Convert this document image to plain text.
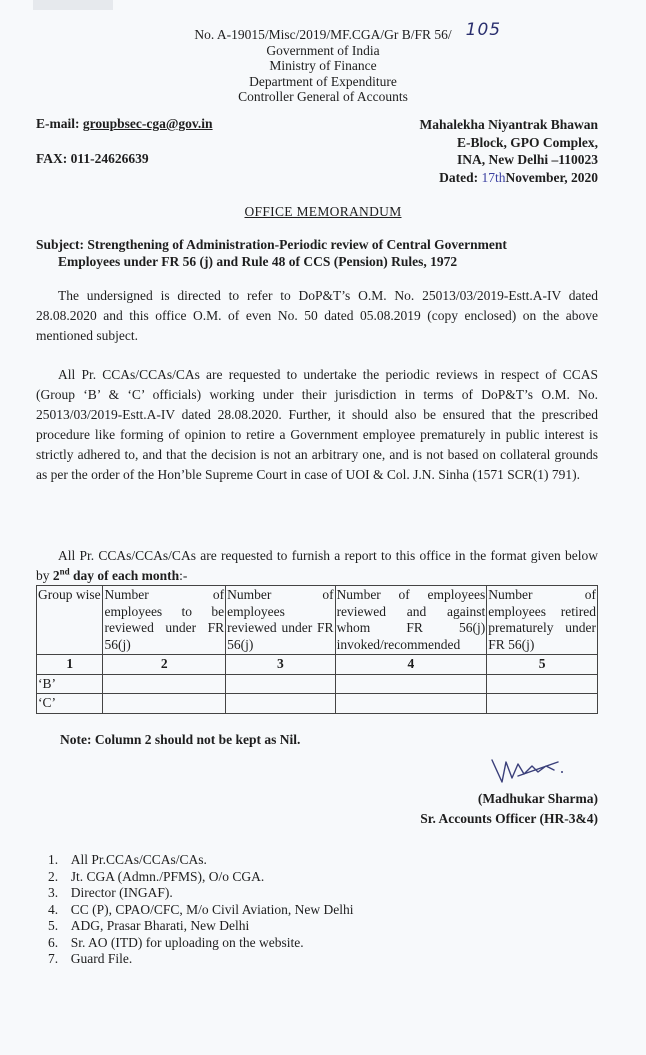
No. A-19015/Misc/2019/MF.CGA/Gr B/FR 56/ 105
Government of India
Ministry of Finance
Department of Expenditure
Controller General of Accounts
E-mail: groupbsec-cga@gov.in
FAX: 011-24626639
Mahalekha Niyantrak Bhawan
E-Block, GPO Complex,
INA, New Delhi –110023
Dated: 17thNovember, 2020
OFFICE MEMORANDUM
Subject: Strengthening of Administration-Periodic review of Central Government
Employees under FR 56 (j) and Rule 48 of CCS (Pension) Rules, 1972
The undersigned is directed to refer to DoP&T’s O.M. No. 25013/03/2019-Estt.A-IV dated 28.08.2020 and this office O.M. of even No. 50 dated 05.08.2019 (copy enclosed) on the above mentioned subject.
All Pr. CCAs/CCAs/CAs are requested to undertake the periodic reviews in respect of CCAS (Group ‘B’ & ‘C’ officials) working under their jurisdiction in terms of DoP&T’s O.M. No. 25013/03/2019-Estt.A-IV dated 28.08.2020. Further, it should also be ensured that the prescribed procedure like forming of opinion to retire a Government employee prematurely in public interest is strictly adhered to, and that the decision is not an arbitrary one, and is not based on collateral grounds as per the order of the Hon’ble Supreme Court in case of UOI & Col. J.N. Sinha (1571 SCR(1) 791).
All Pr. CCAs/CCAs/CAs are requested to furnish a report to this office in the format given below by 2nd day of each month:-
Group wise	Number of employees to be reviewed under FR 56(j)	Number of employees reviewed under FR 56(j)	Number of employees reviewed and against whom FR 56(j) invoked/recommended	Number of employees retired prematurely under FR 56(j)
1	2	3	4	5
‘B’				
‘C’				
Note: Column 2 should not be kept as Nil.
(Madhukar Sharma)
Sr. Accounts Officer (HR-3&4)
1.
All Pr.CCAs/CCAs/CAs.
2.
Jt. CGA (Admn./PFMS), O/o CGA.
3.
Director (INGAF).
4.
CC (P), CPAO/CFC, M/o Civil Aviation, New Delhi
5.
ADG, Prasar Bharati, New Delhi
6.
Sr. AO (ITD) for uploading on the website.
7.
Guard File.
